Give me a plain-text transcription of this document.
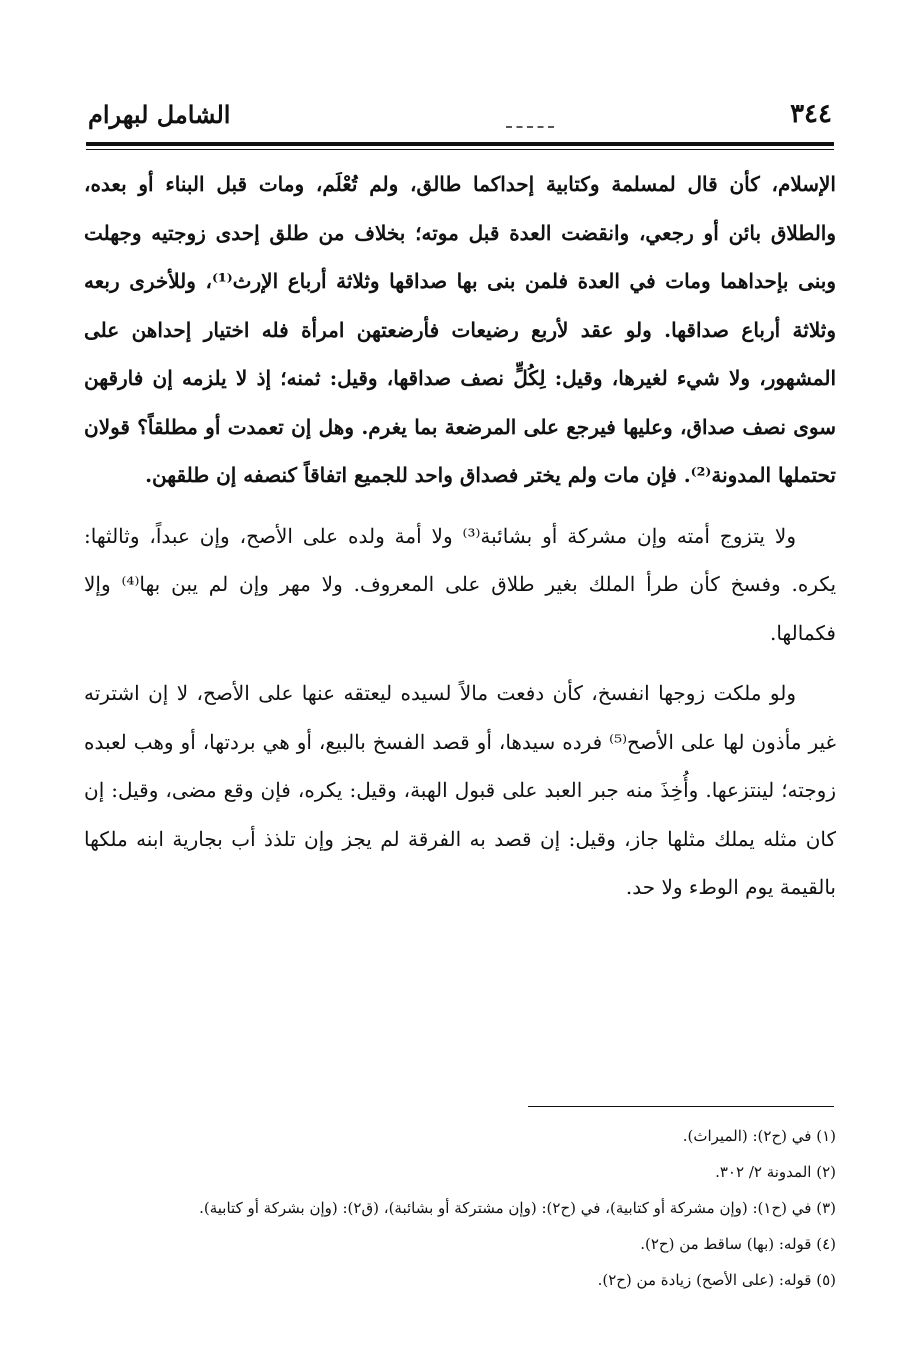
الشامل لبهرام	٣٤٤

الإسلام، كأن قال لمسلمة وكتابية إحداكما طالق، ولم تُعْلَم، ومات قبل البناء أو بعده، والطلاق بائن أو رجعي، وانقضت العدة قبل موته؛ بخلاف من طلق إحدى زوجتيه وجهلت وبنى بإحداهما ومات في العدة فلمن بنى بها صداقها وثلاثة أرباع الإرث⁽¹⁾، وللأخرى ربعه وثلاثة أرباع صداقها. ولو عقد لأربع رضيعات فأرضعتهن امرأة فله اختيار إحداهن على المشهور، ولا شيء لغيرها، وقيل: لِكُلٍّ نصف صداقها، وقيل: ثمنه؛ إذ لا يلزمه إن فارقهن سوى نصف صداق، وعليها فيرجع على المرضعة بما يغرم. وهل إن تعمدت أو مطلقاً؟ قولان تحتملها المدونة⁽²⁾. فإن مات ولم يختر فصداق واحد للجميع اتفاقاً كنصفه إن طلقهن.

ولا يتزوج أمته وإن مشركة أو بشائبة⁽³⁾ ولا أمة ولده على الأصح، وإن عبداً، وثالثها: يكره. وفسخ كأن طرأ الملك بغير طلاق على المعروف. ولا مهر وإن لم يبن بها⁽⁴⁾ وإلا فكمالها.

ولو ملكت زوجها انفسخ، كأن دفعت مالاً لسيده ليعتقه عنها على الأصح، لا إن اشترته غير مأذون لها على الأصح⁽⁵⁾ فرده سيدها، أو قصد الفسخ بالبيع، أو هي بردتها، أو وهب لعبده زوجته؛ لينتزعها. وأُخِذَ منه جبر العبد على قبول الهبة، وقيل: يكره، فإن وقع مضى، وقيل: إن كان مثله يملك مثلها جاز، وقيل: إن قصد به الفرقة لم يجز وإن تلذذ أب بجارية ابنه ملكها بالقيمة يوم الوطء ولا حد.

(١) في (ح٢): (الميراث).
(٢) المدونة ٢/ ٣٠٢.
(٣) في (ح١): (وإن مشركة أو كتابية)، في (ح٢): (وإن مشتركة أو بشائبة)، (ق٢): (وإن بشركة أو كتابية).
(٤) قوله: (بها) ساقط من (ح٢).
(٥) قوله: (على الأصح) زيادة من (ح٢).
